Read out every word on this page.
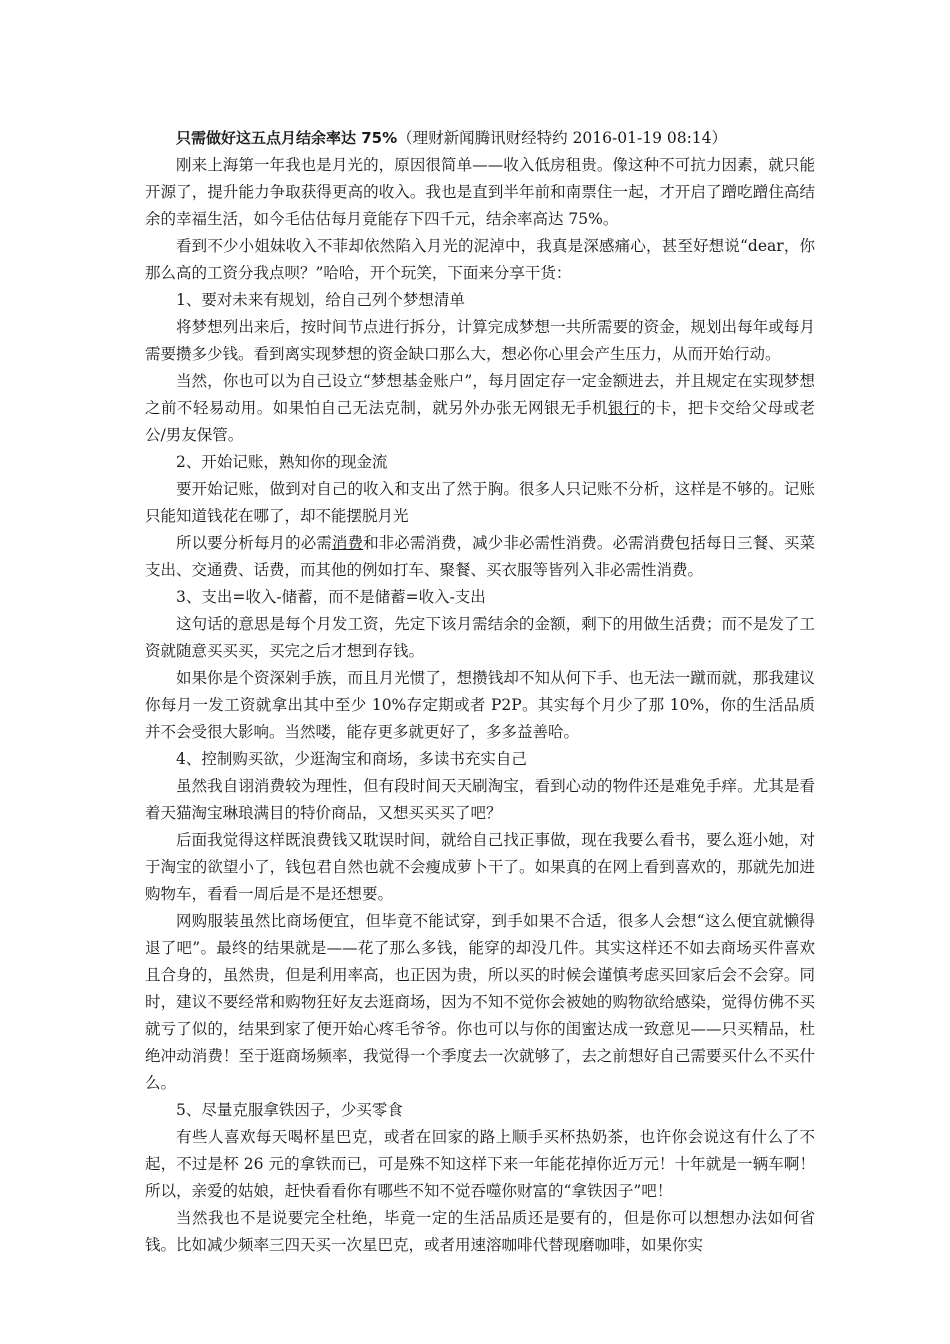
只需做好这五点月结余率达 75%（理财新闻腾讯财经特约 2016-01-19 08:14）

刚来上海第一年我也是月光的，原因很简单——收入低房租贵。像这种不可抗力因素，就只能开源了，提升能力争取获得更高的收入。我也是直到半年前和南票住一起，才开启了蹭吃蹭住高结余的幸福生活，如今毛估估每月竟能存下四千元，结余率高达 75%。

看到不少小姐妹收入不菲却依然陷入月光的泥淖中，我真是深感痛心，甚至好想说“dear，你那么高的工资分我点呗？”哈哈，开个玩笑，下面来分享干货：

1、要对未来有规划，给自己列个梦想清单

将梦想列出来后，按时间节点进行拆分，计算完成梦想一共所需要的资金，规划出每年或每月需要攒多少钱。看到离实现梦想的资金缺口那么大，想必你心里会产生压力，从而开始行动。

当然，你也可以为自己设立“梦想基金账户”，每月固定存一定金额进去，并且规定在实现梦想之前不轻易动用。如果怕自己无法克制，就另外办张无网银无手机银行的卡，把卡交给父母或老公/男友保管。

2、开始记账，熟知你的现金流

要开始记账，做到对自己的收入和支出了然于胸。很多人只记账不分析，这样是不够的。记账只能知道钱花在哪了，却不能摆脱月光

所以要分析每月的必需消费和非必需消费，减少非必需性消费。必需消费包括每日三餐、买菜支出、交通费、话费，而其他的例如打车、聚餐、买衣服等皆列入非必需性消费。

3、支出=收入-储蓄，而不是储蓄=收入-支出

这句话的意思是每个月发工资，先定下该月需结余的金额，剩下的用做生活费；而不是发了工资就随意买买买，买完之后才想到存钱。

如果你是个资深剁手族，而且月光惯了，想攒钱却不知从何下手、也无法一蹴而就，那我建议你每月一发工资就拿出其中至少 10%存定期或者 P2P。其实每个月少了那 10%，你的生活品质并不会受很大影响。当然喽，能存更多就更好了，多多益善哈。

4、控制购买欲，少逛淘宝和商场，多读书充实自己

虽然我自诩消费较为理性，但有段时间天天刷淘宝，看到心动的物件还是难免手痒。尤其是看着天猫淘宝琳琅满目的特价商品，又想买买买了吧？

后面我觉得这样既浪费钱又耽误时间，就给自己找正事做，现在我要么看书，要么逛小她，对于淘宝的欲望小了，钱包君自然也就不会瘦成萝卜干了。如果真的在网上看到喜欢的，那就先加进购物车，看看一周后是不是还想要。

网购服装虽然比商场便宜，但毕竟不能试穿，到手如果不合适，很多人会想“这么便宜就懒得退了吧”。最终的结果就是——花了那么多钱，能穿的却没几件。其实这样还不如去商场买件喜欢且合身的，虽然贵，但是利用率高，也正因为贵，所以买的时候会谨慎考虑买回家后会不会穿。同时，建议不要经常和购物狂好友去逛商场，因为不知不觉你会被她的购物欲给感染，觉得仿佛不买就亏了似的，结果到家了便开始心疼毛爷爷。你也可以与你的闺蜜达成一致意见——只买精品，杜绝冲动消费！至于逛商场频率，我觉得一个季度去一次就够了，去之前想好自己需要买什么不买什么。

5、尽量克服拿铁因子，少买零食

有些人喜欢每天喝杯星巴克，或者在回家的路上顺手买杯热奶茶，也许你会说这有什么了不起，不过是杯 26 元的拿铁而已，可是殊不知这样下来一年能花掉你近万元！十年就是一辆车啊！所以，亲爱的姑娘，赶快看看你有哪些不知不觉吞噬你财富的“拿铁因子”吧！

当然我也不是说要完全杜绝，毕竟一定的生活品质还是要有的，但是你可以想想办法如何省钱。比如减少频率三四天买一次星巴克，或者用速溶咖啡代替现磨咖啡，如果你实
